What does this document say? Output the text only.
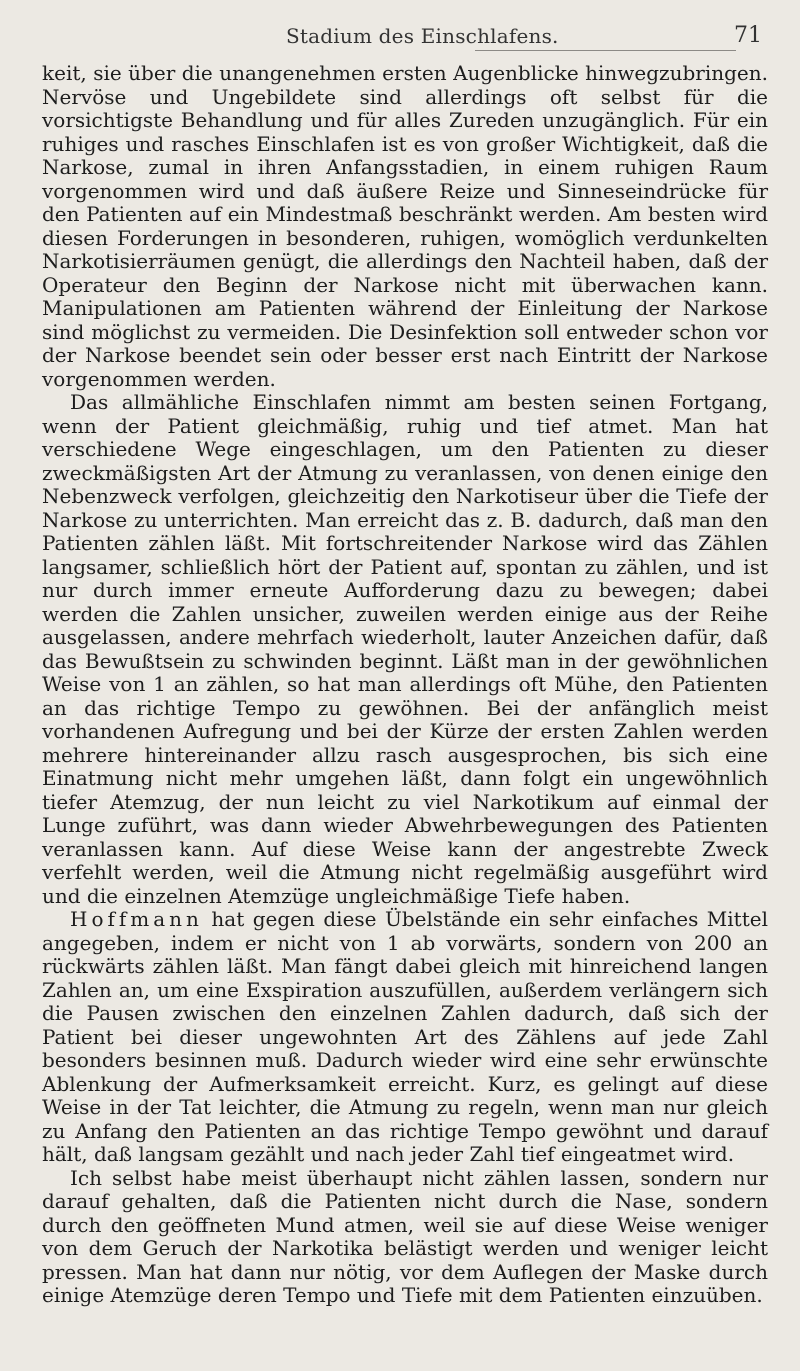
Stadium des Einschlafens.	71

keit, sie über die unangenehmen ersten Augenblicke hinwegzubringen. Nervöse und Ungebildete sind allerdings oft selbst für die vorsichtigste Behandlung und für alles Zureden unzugänglich. Für ein ruhiges und rasches Einschlafen ist es von großer Wichtigkeit, daß die Narkose, zumal in ihren Anfangsstadien, in einem ruhigen Raum vorgenommen wird und daß äußere Reize und Sinneseindrücke für den Patienten auf ein Mindestmaß beschränkt werden. Am besten wird diesen Forderungen in besonderen, ruhigen, womöglich verdunkelten Narkotisierräumen genügt, die allerdings den Nachteil haben, daß der Operateur den Beginn der Narkose nicht mit überwachen kann. Manipulationen am Patienten während der Einleitung der Narkose sind möglichst zu vermeiden. Die Desinfektion soll entweder schon vor der Narkose beendet sein oder besser erst nach Eintritt der Narkose vorgenommen werden.

Das allmähliche Einschlafen nimmt am besten seinen Fortgang, wenn der Patient gleichmäßig, ruhig und tief atmet. Man hat verschiedene Wege eingeschlagen, um den Patienten zu dieser zweckmäßigsten Art der Atmung zu veranlassen, von denen einige den Nebenzweck verfolgen, gleichzeitig den Narkotiseur über die Tiefe der Narkose zu unterrichten. Man erreicht das z. B. dadurch, daß man den Patienten zählen läßt. Mit fortschreitender Narkose wird das Zählen langsamer, schließlich hört der Patient auf, spontan zu zählen, und ist nur durch immer erneute Aufforderung dazu zu bewegen; dabei werden die Zahlen unsicher, zuweilen werden einige aus der Reihe ausgelassen, andere mehrfach wiederholt, lauter Anzeichen dafür, daß das Bewußtsein zu schwinden beginnt. Läßt man in der gewöhnlichen Weise von 1 an zählen, so hat man allerdings oft Mühe, den Patienten an das richtige Tempo zu gewöhnen. Bei der anfänglich meist vorhandenen Aufregung und bei der Kürze der ersten Zahlen werden mehrere hintereinander allzu rasch ausgesprochen, bis sich eine Einatmung nicht mehr umgehen läßt, dann folgt ein ungewöhnlich tiefer Atemzug, der nun leicht zu viel Narkotikum auf einmal der Lunge zuführt, was dann wieder Abwehrbewegungen des Patienten veranlassen kann. Auf diese Weise kann der angestrebte Zweck verfehlt werden, weil die Atmung nicht regelmäßig ausgeführt wird und die einzelnen Atemzüge ungleichmäßige Tiefe haben.

Hoffmann hat gegen diese Übelstände ein sehr einfaches Mittel angegeben, indem er nicht von 1 ab vorwärts, sondern von 200 an rückwärts zählen läßt. Man fängt dabei gleich mit hinreichend langen Zahlen an, um eine Exspiration auszufüllen, außerdem verlängern sich die Pausen zwischen den einzelnen Zahlen dadurch, daß sich der Patient bei dieser ungewohnten Art des Zählens auf jede Zahl besonders besinnen muß. Dadurch wieder wird eine sehr erwünschte Ablenkung der Aufmerksamkeit erreicht. Kurz, es gelingt auf diese Weise in der Tat leichter, die Atmung zu regeln, wenn man nur gleich zu Anfang den Patienten an das richtige Tempo gewöhnt und darauf hält, daß langsam gezählt und nach jeder Zahl tief eingeatmet wird.

Ich selbst habe meist überhaupt nicht zählen lassen, sondern nur darauf gehalten, daß die Patienten nicht durch die Nase, sondern durch den geöffneten Mund atmen, weil sie auf diese Weise weniger von dem Geruch der Narkotika belästigt werden und weniger leicht pressen. Man hat dann nur nötig, vor dem Auflegen der Maske durch einige Atemzüge deren Tempo und Tiefe mit dem Patienten einzuüben.
